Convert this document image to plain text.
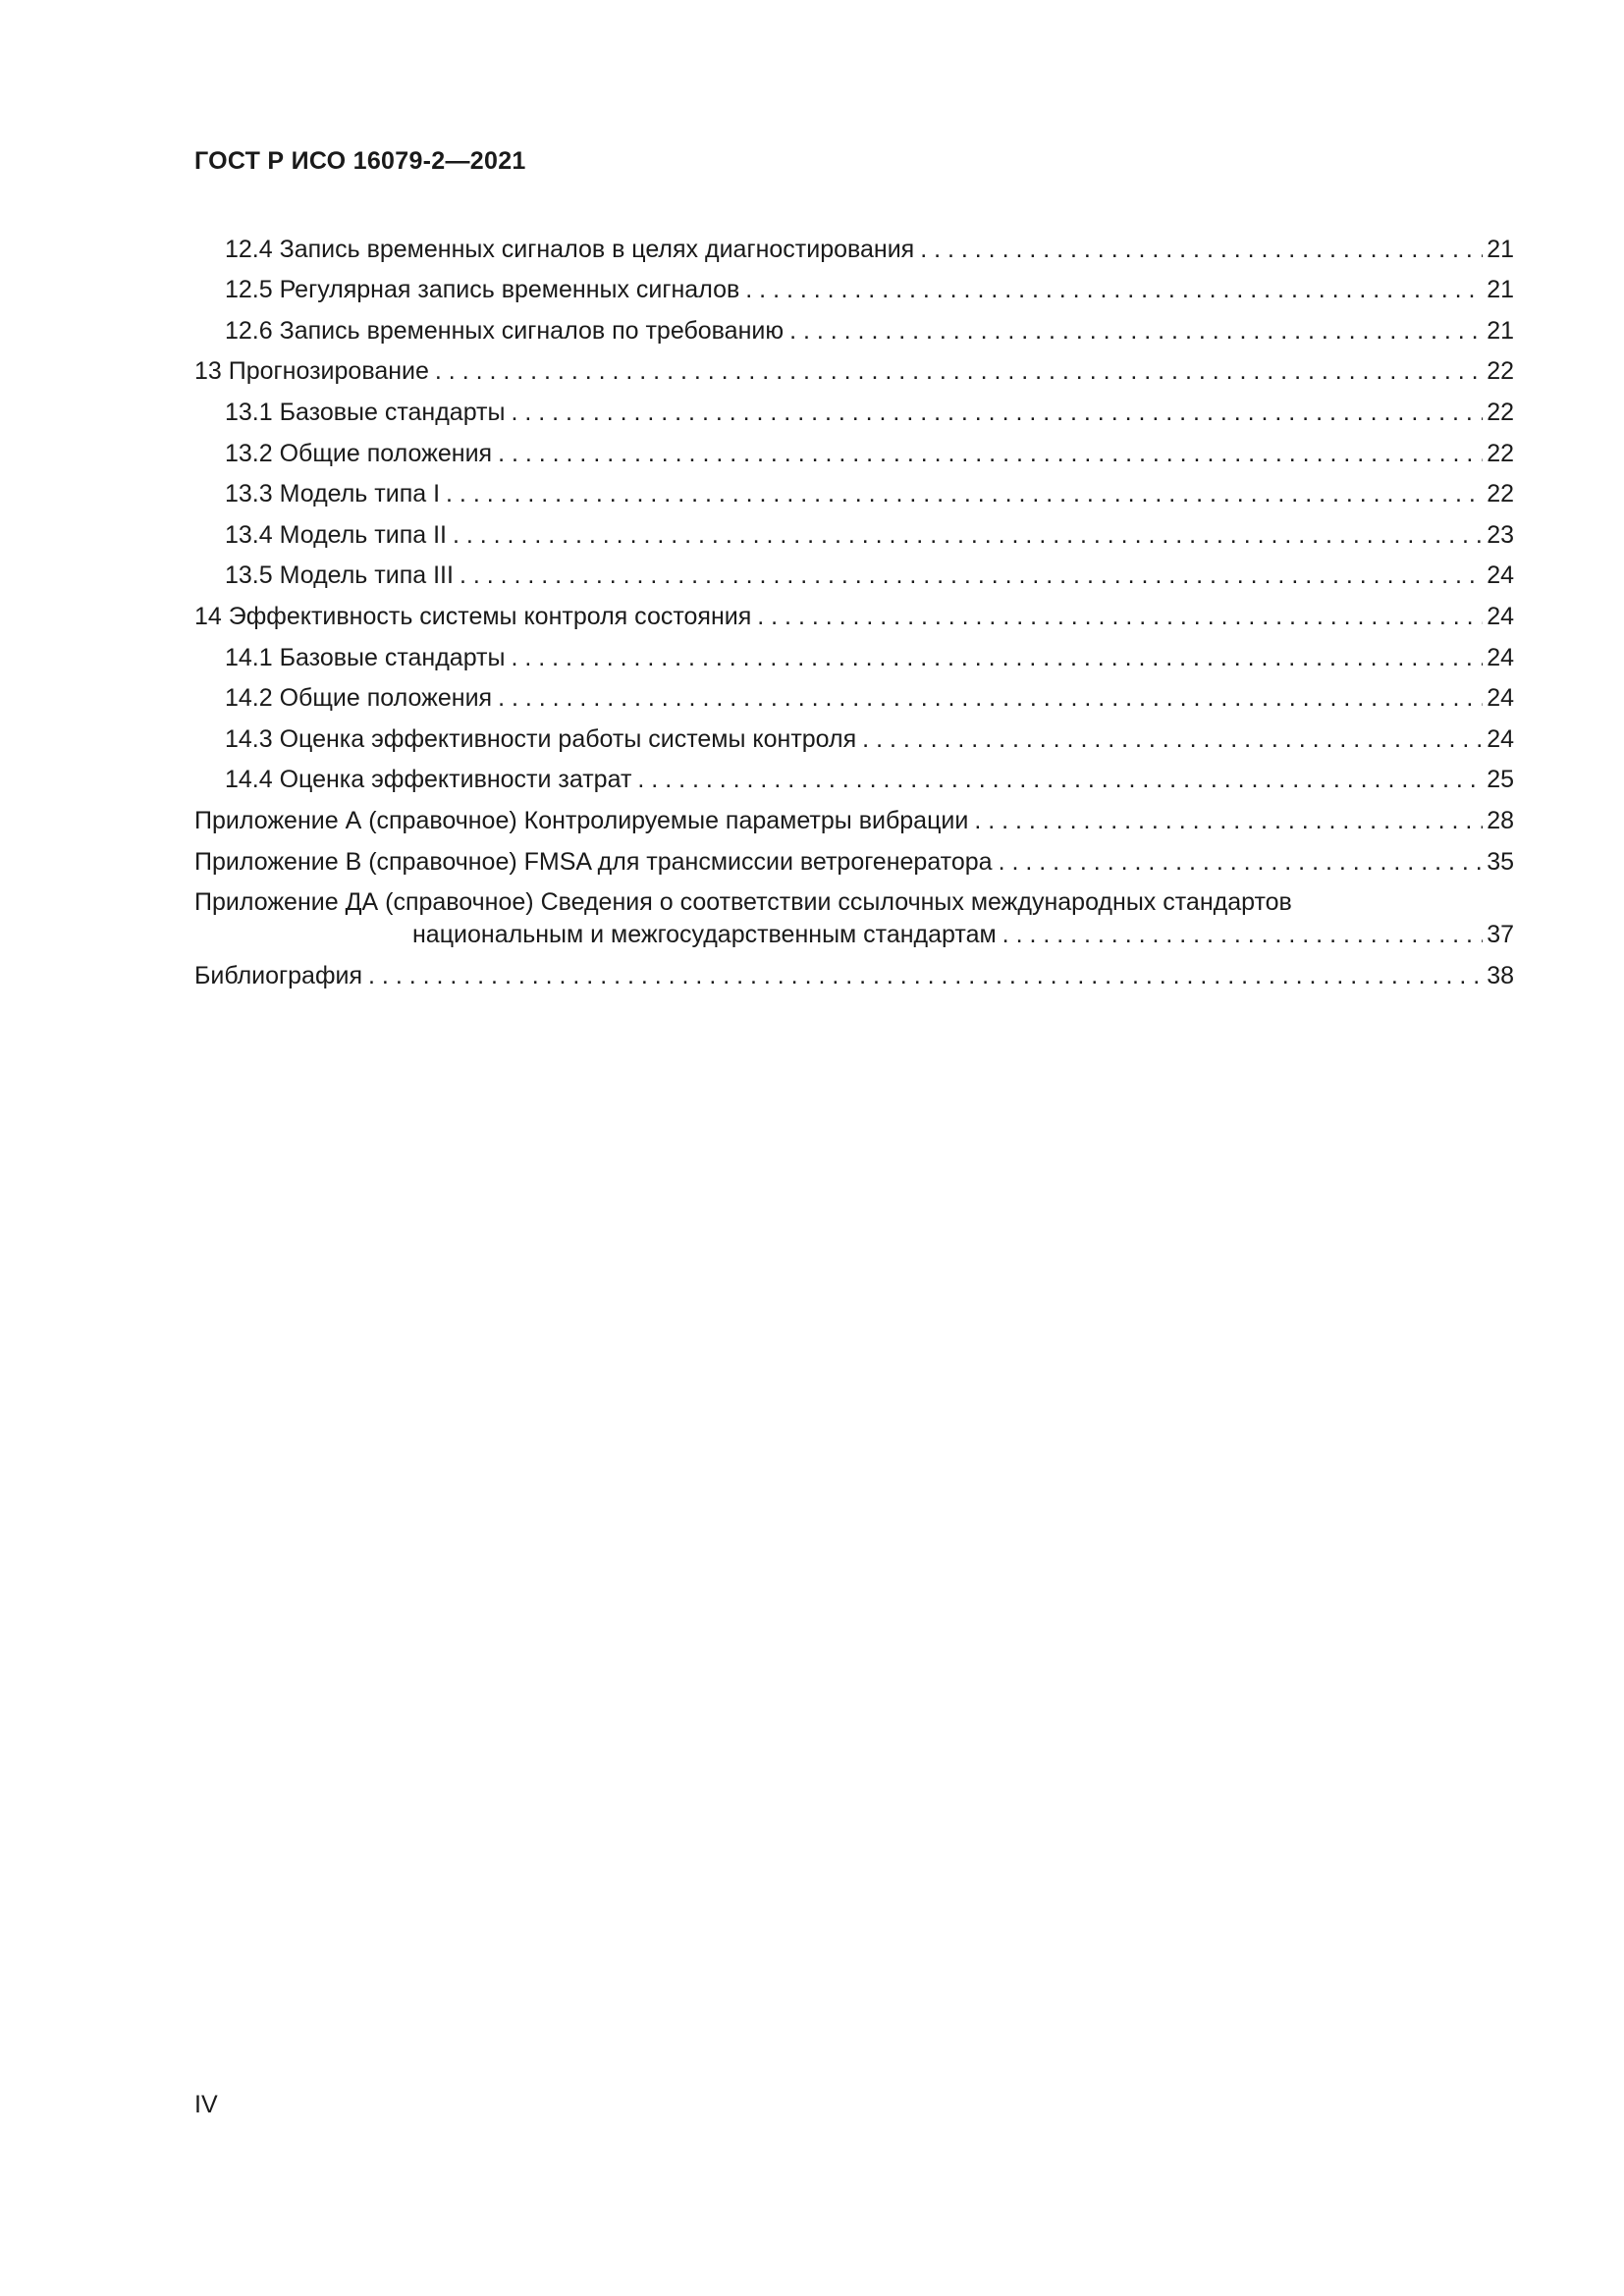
ГОСТ Р ИСО 16079-2—2021
12.4 Запись временных сигналов в целях диагностирования . . .	21
12.5 Регулярная запись временных сигналов . . .	21
12.6 Запись временных сигналов по требованию . . .	21
13 Прогнозирование . . .	22
13.1 Базовые стандарты . . .	22
13.2 Общие положения . . .	22
13.3 Модель типа I . . .	22
13.4 Модель типа II . . .	23
13.5 Модель типа III . . .	24
14 Эффективность системы контроля состояния . . .	24
14.1 Базовые стандарты . . .	24
14.2 Общие положения . . .	24
14.3 Оценка эффективности работы системы контроля . . .	24
14.4 Оценка эффективности затрат . . .	25
Приложение А (справочное) Контролируемые параметры вибрации . . .	28
Приложение В (справочное) FMSA для трансмиссии ветрогенератора . . .	35
Приложение ДА (справочное) Сведения о соответствии ссылочных международных стандартов
национальным и межгосударственным стандартам . . .	37
Библиография . . .	38
IV
